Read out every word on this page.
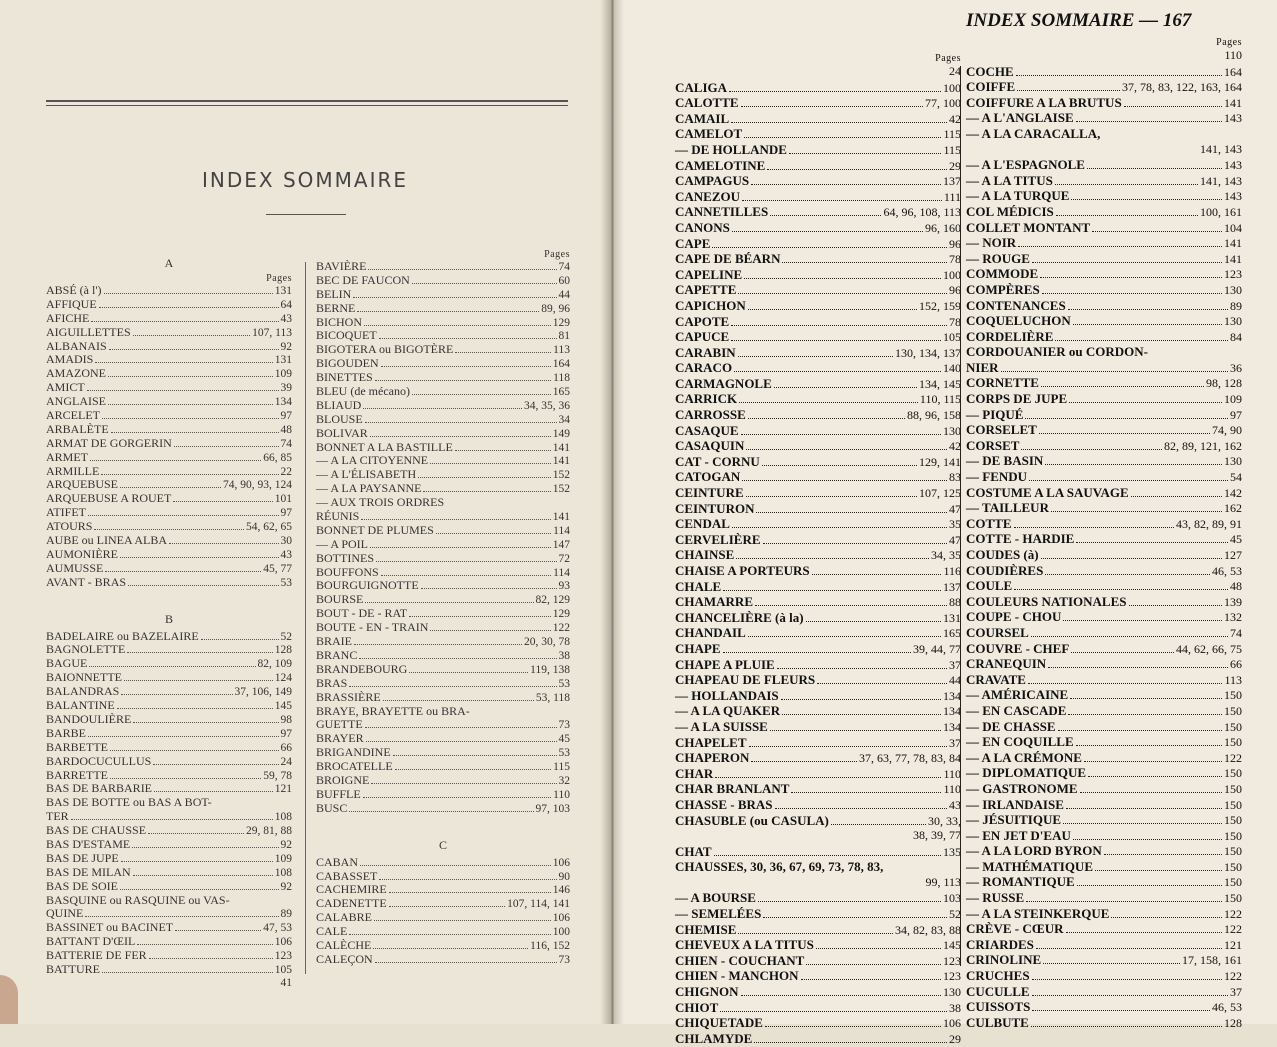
INDEX SOMMAIRE
A
Pages
ABSÉ (à l')	131
AFFIQUE	64
AFICHE	43
AIGUILLETTES	107, 113
ALBANAIS	92
AMADIS	131
AMAZONE	109
AMICT	39
ANGLAISE	134
ARCELET	97
ARBALÈTE	48
ARMAT DE GORGERIN	74
ARMET	66, 85
ARMILLE	22
ARQUEBUSE	74, 90, 93, 124
ARQUEBUSE A ROUET	101
ATIFET	97
ATOURS	54, 62, 65
AUBE ou LINEA ALBA	30
AUMONIÈRE	43
AUMUSSE	45, 77
AVANT - BRAS	53
B
BADELAIRE ou BAZELAIRE	52
BAGNOLETTE	128
BAGUE	82, 109
BAIONNETTE	124
BALANDRAS	37, 106, 149
BALANTINE	145
BANDOULIÈRE	98
BARBE	97
BARBETTE	66
BARDOCUCULLUS	24
BARRETTE	59, 78
BAS DE BARBARIE	121
BAS DE BOTTE ou BAS A BOT-
TER	108
BAS DE CHAUSSE	29, 81, 88
BAS D'ESTAME	92
BAS DE JUPE	109
BAS DE MILAN	108
BAS DE SOIE	92
BASQUINE ou RASQUINE ou VAS-
QUINE	89
BASSINET ou BACINET	47, 53
BATTANT D'ŒIL	106
BATTERIE DE FER	123
BATTURE	105
41
Pages
BAVIÈRE	74
BEC DE FAUCON	60
BELIN	44
BERNE	89, 96
BICHON	129
BICOQUET	81
BIGOTERA ou BIGOTÈRE	113
BIGOUDEN	164
BINETTES	118
BLEU (de mécano)	165
BLIAUD	34, 35, 36
BLOUSE	34
BOLIVAR	149
BONNET A LA BASTILLE	141
— A LA CITOYENNE	141
— A L'ÉLISABETH	152
— A LA PAYSANNE	152
— AUX TROIS ORDRES
RÉUNIS	141
BONNET DE PLUMES	114
— A POIL	147
BOTTINES	72
BOUFFONS	114
BOURGUIGNOTTE	93
BOURSE	82, 129
BOUT - DE - RAT	129
BOUTE - EN - TRAIN	122
BRAIE	20, 30, 78
BRANC	38
BRANDEBOURG	119, 138
BRAS	53
BRASSIÈRE	53, 118
BRAYE, BRAYETTE ou BRA-
GUETTE	73
BRAYER	45
BRIGANDINE	53
BROCATELLE	115
BROIGNE	32
BUFFLE	110
BUSC	97, 103
C
CABAN	106
CABASSET	90
CACHEMIRE	146
CADENETTE	107, 114, 141
CALABRE	106
CALE	100
CALÈCHE	116, 152
CALEÇON	73
Pages
24
CALIGA	100
CALOTTE	77, 100
CAMAIL	42
CAMELOT	115
— DE HOLLANDE	115
CAMELOTINE	29
CAMPAGUS	137
CANEZOU	111
CANNETILLES	64, 96, 108, 113
CANONS	96, 160
CAPE	96
CAPE DE BÉARN	78
CAPELINE	100
CAPETTE	96
CAPICHON	152, 159
CAPOTE	78
CAPUCE	105
CARABIN	130, 134, 137
CARACO	140
CARMAGNOLE	134, 145
CARRICK	110, 115
CARROSSE	88, 96, 158
CASAQUE	130
CASAQUIN	42
CAT - CORNU	129, 141
CATOGAN	83
CEINTURE	107, 125
CEINTURON	47
CENDAL	35
CERVELIÈRE	47
CHAINSE	34, 35
CHAISE A PORTEURS	116
CHALE	137
CHAMARRE	88
CHANCELIÈRE (à la)	131
CHANDAIL	165
CHAPE	39, 44, 77
CHAPE A PLUIE	37
CHAPEAU DE FLEURS	44
— HOLLANDAIS	134
— A LA QUAKER	134
— A LA SUISSE	134
CHAPELET	37
CHAPERON	37, 63, 77, 78, 83, 84
CHAR	110
CHAR BRANLANT	110
CHASSE - BRAS	43
CHASUBLE (ou CASULA)	30, 33,
38, 39, 77
CHAT	135
CHAUSSES, 30, 36, 67, 69, 73, 78, 83,
99, 113
— A BOURSE	103
— SEMELÉES	52
CHEMISE	34, 82, 83, 88
CHEVEUX A LA TITUS	145
CHIEN - COUCHANT	123
CHIEN - MANCHON	123
CHIGNON	130
CHIOT	38
CHIQUETADE	106
CHLAMYDE	29
Pages
110
COCHE	164
COIFFE	37, 78, 83, 122, 163, 164
COIFFURE A LA BRUTUS	141
— A L'ANGLAISE	143
— A LA CARACALLA,
141, 143
— A L'ESPAGNOLE	143
— A LA TITUS	141, 143
— A LA TURQUE	143
COL MÉDICIS	100, 161
COLLET MONTANT	104
— NOIR	141
— ROUGE	141
COMMODE	123
COMPÈRES	130
CONTENANCES	89
COQUELUCHON	130
CORDELIÈRE	84
CORDOUANIER ou CORDON-
NIER	36
CORNETTE	98, 128
CORPS DE JUPE	109
— PIQUÉ	97
CORSELET	74, 90
CORSET	82, 89, 121, 162
— DE BASIN	130
— FENDU	54
COSTUME A LA SAUVAGE	142
— TAILLEUR	162
COTTE	43, 82, 89, 91
COTTE - HARDIE	45
COUDES (à)	127
COUDIÈRES	46, 53
COULE	48
COULEURS NATIONALES	139
COUPE - CHOU	132
COURSEL	74
COUVRE - CHEF	44, 62, 66, 75
CRANEQUIN	66
CRAVATE	113
— AMÉRICAINE	150
— EN CASCADE	150
— DE CHASSE	150
— EN COQUILLE	150
— A LA CRÉMONE	122
— DIPLOMATIQUE	150
— GASTRONOME	150
— IRLANDAISE	150
— JÉSUITIQUE	150
— EN JET D'EAU	150
— A LA LORD BYRON	150
— MATHÉMATIQUE	150
— ROMANTIQUE	150
— RUSSE	150
— A LA STEINKERQUE	122
CRÈVE - CŒUR	122
CRIARDES	121
CRINOLINE	17, 158, 161
CRUCHES	122
CUCULLE	37
CUISSOTS	46, 53
CULBUTE	128
INDEX SOMMAIRE — 167
